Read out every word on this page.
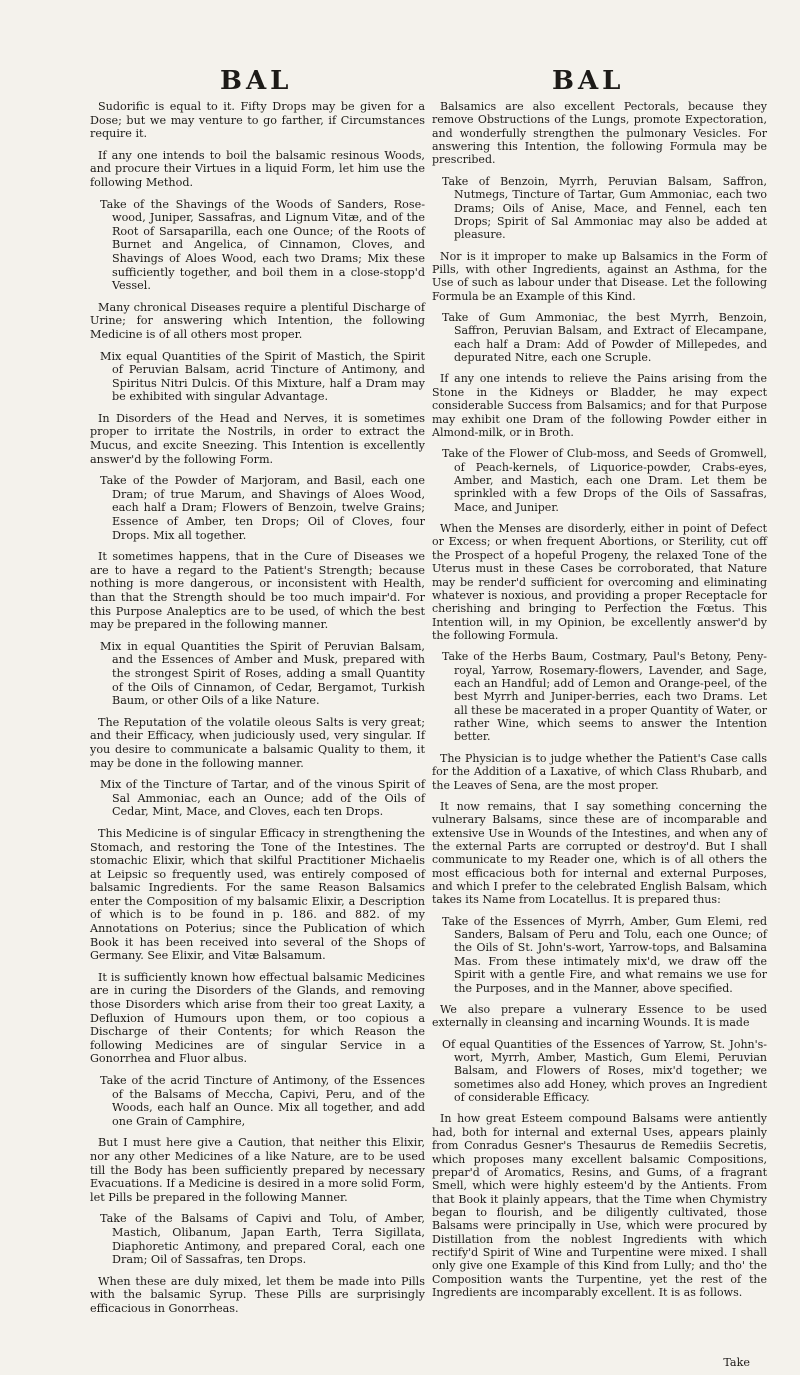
BAL	BAL

Sudorific is equal to it. Fifty Drops may be given for a Dose; but we may venture to go farther, if Circumstances require it.

If any one intends to boil the balsamic resinous Woods, and procure their Virtues in a liquid Form, let him use the following Method.

Take of the Shavings of the Woods of Sanders, Rose-wood, Juniper, Sassafras, and Lignum Vitæ, and of the Root of Sarsaparilla, each one Ounce; of the Roots of Burnet and Angelica, of Cinnamon, Cloves, and Shavings of Aloes Wood, each two Drams; Mix these sufficiently together, and boil them in a close-stopp'd Vessel.

Many chronical Diseases require a plentiful Discharge of Urine; for answering which Intention, the following Medicine is of all others most proper.

Mix equal Quantities of the Spirit of Mastich, the Spirit of Peruvian Balsam, acrid Tincture of Antimony, and Spiritus Nitri Dulcis. Of this Mixture, half a Dram may be exhibited with singular Advantage.

In Disorders of the Head and Nerves, it is sometimes proper to irritate the Nostrils, in order to extract the Mucus, and excite Sneezing. This Intention is excellently answer'd by the following Form.

Take of the Powder of Marjoram, and Basil, each one Dram; of true Marum, and Shavings of Aloes Wood, each half a Dram; Flowers of Benzoin, twelve Grains; Essence of Amber, ten Drops; Oil of Cloves, four Drops. Mix all together.

It sometimes happens, that in the Cure of Diseases we are to have a regard to the Patient's Strength; because nothing is more dangerous, or inconsistent with Health, than that the Strength should be too much impair'd. For this Purpose Analeptics are to be used, of which the best may be prepared in the following manner.

Mix in equal Quantities the Spirit of Peruvian Balsam, and the Essences of Amber and Musk, prepared with the strongest Spirit of Roses, adding a small Quantity of the Oils of Cinnamon, of Cedar, Bergamot, Turkish Baum, or other Oils of a like Nature.

The Reputation of the volatile oleous Salts is very great; and their Efficacy, when judiciously used, very singular. If you desire to communicate a balsamic Quality to them, it may be done in the following manner.

Mix of the Tincture of Tartar, and of the vinous Spirit of Sal Ammoniac, each an Ounce; add of the Oils of Cedar, Mint, Mace, and Cloves, each ten Drops.

This Medicine is of singular Efficacy in strengthening the Stomach, and restoring the Tone of the Intestines. The stomachic Elixir, which that skilful Practitioner Michaelis at Leipsic so frequently used, was entirely composed of balsamic Ingredients. For the same Reason Balsamics enter the Composition of my balsamic Elixir, a Description of which is to be found in p. 186. and 882. of my Annotations on Poterius; since the Publication of which Book it has been received into several of the Shops of Germany. See Elixir, and Vitæ Balsamum.

It is sufficiently known how effectual balsamic Medicines are in curing the Disorders of the Glands, and removing those Disorders which arise from their too great Laxity, a Defluxion of Humours upon them, or too copious a Discharge of their Contents; for which Reason the following Medicines are of singular Service in a Gonorrhea and Fluor albus.

Take of the acrid Tincture of Antimony, of the Essences of the Balsams of Meccha, Capivi, Peru, and of the Woods, each half an Ounce. Mix all together, and add one Grain of Camphire,

But I must here give a Caution, that neither this Elixir, nor any other Medicines of a like Nature, are to be used till the Body has been sufficiently prepared by necessary Evacuations. If a Medicine is desired in a more solid Form, let Pills be prepared in the following Manner.

Take of the Balsams of Capivi and Tolu, of Amber, Mastich, Olibanum, Japan Earth, Terra Sigillata, Diaphoretic Antimony, and prepared Coral, each one Dram; Oil of Sassafras, ten Drops.

When these are duly mixed, let them be made into Pills with the balsamic Syrup. These Pills are surprisingly efficacious in Gonorrheas.

Balsamics are also excellent Pectorals, because they remove Obstructions of the Lungs, promote Expectoration, and wonderfully strengthen the pulmonary Vesicles. For answering this Intention, the following Formula may be prescribed.

Take of Benzoin, Myrrh, Peruvian Balsam, Saffron, Nutmegs, Tincture of Tartar, Gum Ammoniac, each two Drams; Oils of Anise, Mace, and Fennel, each ten Drops; Spirit of Sal Ammoniac may also be added at pleasure.

Nor is it improper to make up Balsamics in the Form of Pills, with other Ingredients, against an Asthma, for the Use of such as labour under that Disease. Let the following Formula be an Example of this Kind.

Take of Gum Ammoniac, the best Myrrh, Benzoin, Saffron, Peruvian Balsam, and Extract of Elecampane, each half a Dram: Add of Powder of Millepedes, and depurated Nitre, each one Scruple.

If any one intends to relieve the Pains arising from the Stone in the Kidneys or Bladder, he may expect considerable Success from Balsamics; and for that Purpose may exhibit one Dram of the following Powder either in Almond-milk, or in Broth.

Take of the Flower of Club-moss, and Seeds of Gromwell, of Peach-kernels, of Liquorice-powder, Crabs-eyes, Amber, and Mastich, each one Dram. Let them be sprinkled with a few Drops of the Oils of Sassafras, Mace, and Juniper.

When the Menses are disorderly, either in point of Defect or Excess; or when frequent Abortions, or Sterility, cut off the Prospect of a hopeful Progeny, the relaxed Tone of the Uterus must in these Cases be corroborated, that Nature may be render'd sufficient for overcoming and eliminating whatever is noxious, and providing a proper Receptacle for cherishing and bringing to Perfection the Fœtus. This Intention will, in my Opinion, be excellently answer'd by the following Formula.

Take of the Herbs Baum, Costmary, Paul's Betony, Peny-royal, Yarrow, Rosemary-flowers, Lavender, and Sage, each an Handful; add of Lemon and Orange-peel, of the best Myrrh and Juniper-berries, each two Drams. Let all these be macerated in a proper Quantity of Water, or rather Wine, which seems to answer the Intention better.

The Physician is to judge whether the Patient's Case calls for the Addition of a Laxative, of which Class Rhubarb, and the Leaves of Sena, are the most proper.

It now remains, that I say something concerning the vulnerary Balsams, since these are of incomparable and extensive Use in Wounds of the Intestines, and when any of the external Parts are corrupted or destroy'd. But I shall communicate to my Reader one, which is of all others the most efficacious both for internal and external Purposes, and which I prefer to the celebrated English Balsam, which takes its Name from Locatellus. It is prepared thus:

Take of the Essences of Myrrh, Amber, Gum Elemi, red Sanders, Balsam of Peru and Tolu, each one Ounce; of the Oils of St. John's-wort, Yarrow-tops, and Balsamina Mas. From these intimately mix'd, we draw off the Spirit with a gentle Fire, and what remains we use for the Purposes, and in the Manner, above specified.

We also prepare a vulnerary Essence to be used externally in cleansing and incarning Wounds. It is made

Of equal Quantities of the Essences of Yarrow, St. John's-wort, Myrrh, Amber, Mastich, Gum Elemi, Peruvian Balsam, and Flowers of Roses, mix'd together; we sometimes also add Honey, which proves an Ingredient of considerable Efficacy.

In how great Esteem compound Balsams were antiently had, both for internal and external Uses, appears plainly from Conradus Gesner's Thesaurus de Remediis Secretis, which proposes many excellent balsamic Compositions, prepar'd of Aromatics, Resins, and Gums, of a fragrant Smell, which were highly esteem'd by the Antients. From that Book it plainly appears, that the Time when Chymistry began to flourish, and be diligently cultivated, those Balsams were principally in Use, which were procured by Distillation from the noblest Ingredients with which rectify'd Spirit of Wine and Turpentine were mixed. I shall only give one Example of this Kind from Lully; and tho' the Composition wants the Turpentine, yet the rest of the Ingredients are incomparably excellent. It is as follows.

Take
